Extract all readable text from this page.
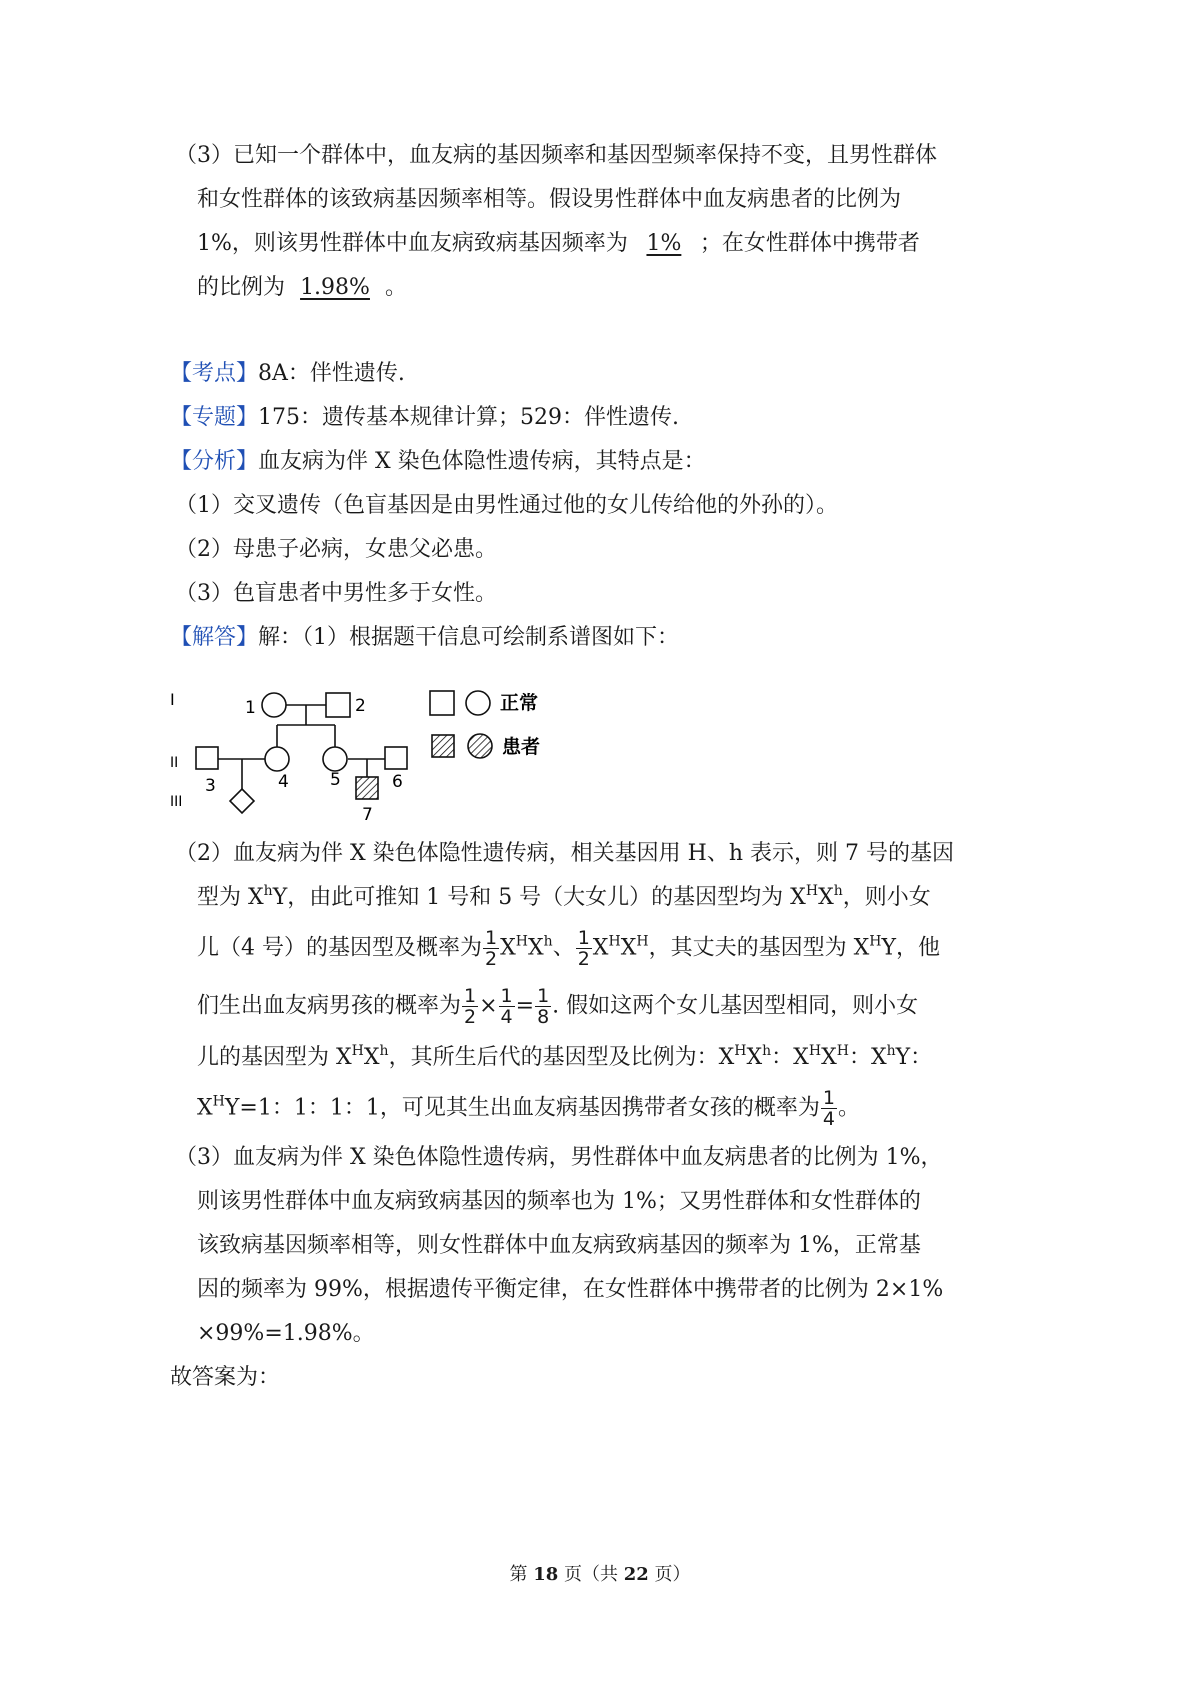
（3）已知一个群体中，血友病的基因频率和基因型频率保持不变，且男性群体
和女性群体的该致病基因频率相等。假设男性群体中血友病患者的比例为
1%，则该男性群体中血友病致病基因频率为 1% ；在女性群体中携带者
的比例为 1.98% 。
【考点】8A：伴性遗传.
【专题】175：遗传基本规律计算；529：伴性遗传.
【分析】血友病为伴 X 染色体隐性遗传病，其特点是：
（1）交叉遗传（色盲基因是由男性通过他的女儿传给他的外孙的）。
（2）母患子必病，女患父必患。
（3）色盲患者中男性多于女性。
【解答】解：（1）根据题干信息可绘制系谱图如下：
I
II
III
1	2
3	4 5	6
7
正常
患者
（2）血友病为伴 X 染色体隐性遗传病，相关基因用 H、h 表示，则 7 号的基因
型为 $X^hY$，由此可推知 1 号和 5 号（大女儿）的基因型均为 $X^HX^h$，则小女
儿（4 号）的基因型及概率为 $\frac{1}{2} X^HX^h$、 $\frac{1}{2} X^HX^H$，其丈夫的基因型为 $X^HY$，他
们生出血友病男孩的概率为 $\frac{1}{2} \times \frac{1}{4} = \frac{1}{8}$ . 假如这两个女儿基因型相同，则小女
儿的基因型为 $X^HX^h$，其所生后代的基因型及比例为：$X^HX^h$：$X^HX^H$：$X^hY$：
$X^HY=1$：1：1：1，可见其生出血友病基因携带者女孩的概率为 $\frac{1}{4}$ 。
（3）血友病为伴 X 染色体隐性遗传病，男性群体中血友病患者的比例为 1%，
则该男性群体中血友病致病基因的频率也为 1%；又男性群体和女性群体的
该致病基因频率相等，则女性群体中血友病致病基因的频率为 1%，正常基
因的频率为 99%，根据遗传平衡定律，在女性群体中携带者的比例为 2×1%
×99%=1.98%。
故答案为：
第 18 页（共 22 页）
